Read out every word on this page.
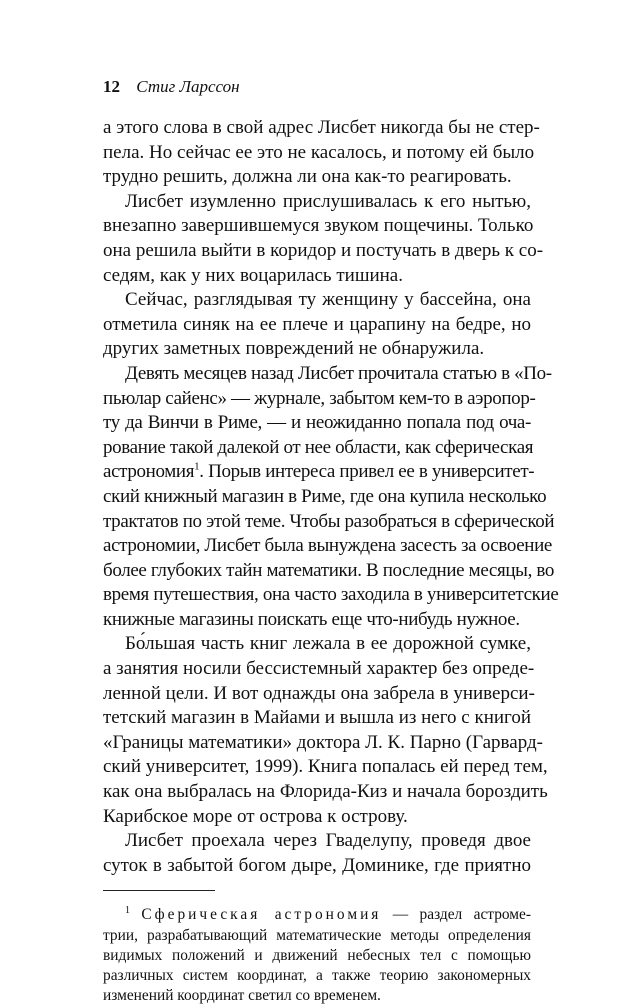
12 Стиг Ларссон
а этого слова в свой адрес Лисбет никогда бы не стер-
пела. Но сейчас ее это не касалось, и потому ей было
трудно решить, должна ли она как-то реагировать.
Лисбет изумленно прислушивалась к его нытью,
внезапно завершившемуся звуком пощечины. Только
она решила выйти в коридор и постучать в дверь к со-
седям, как у них воцарилась тишина.
Сейчас, разглядывая ту женщину у бассейна, она
отметила синяк на ее плече и царапину на бедре, но
других заметных повреждений не обнаружила.
Девять месяцев назад Лисбет прочитала статью в «По-
пьюлар сайенс» — журнале, забытом кем-то в аэропор-
ту да Винчи в Риме, — и неожиданно попала под оча-
рование такой далекой от нее области, как сферическая
астрономия$^1$. Порыв интереса привел ее в университет-
ский книжный магазин в Риме, где она купила несколько
трактатов по этой теме. Чтобы разобраться в сферической
астрономии, Лисбет была вынуждена засесть за освоение
более глубоких тайн математики. В последние месяцы, во
время путешествия, она часто заходила в университетские
книжные магазины поискать еще что-нибудь нужное.
Бо́льшая часть книг лежала в ее дорожной сумке,
а занятия носили бессистемный характер без опреде-
ленной цели. И вот однажды она забрела в универси-
тетский магазин в Майами и вышла из него с книгой
«Границы математики» доктора Л. К. Парно (Гарвард-
ский университет, 1999). Книга попалась ей перед тем,
как она выбралась на Флорида-Киз и начала бороздить
Карибское море от острова к острову.
Лисбет проехала через Гваделупу, проведя двое
суток в забытой богом дыре, Доминике, где приятно
$^1$ Сферическая астрономия — раздел астроме-
трии, разрабатывающий математические методы определения
видимых положений и движений небесных тел с помощью
различных систем координат, а также теорию закономерных
изменений координат светил со временем.
